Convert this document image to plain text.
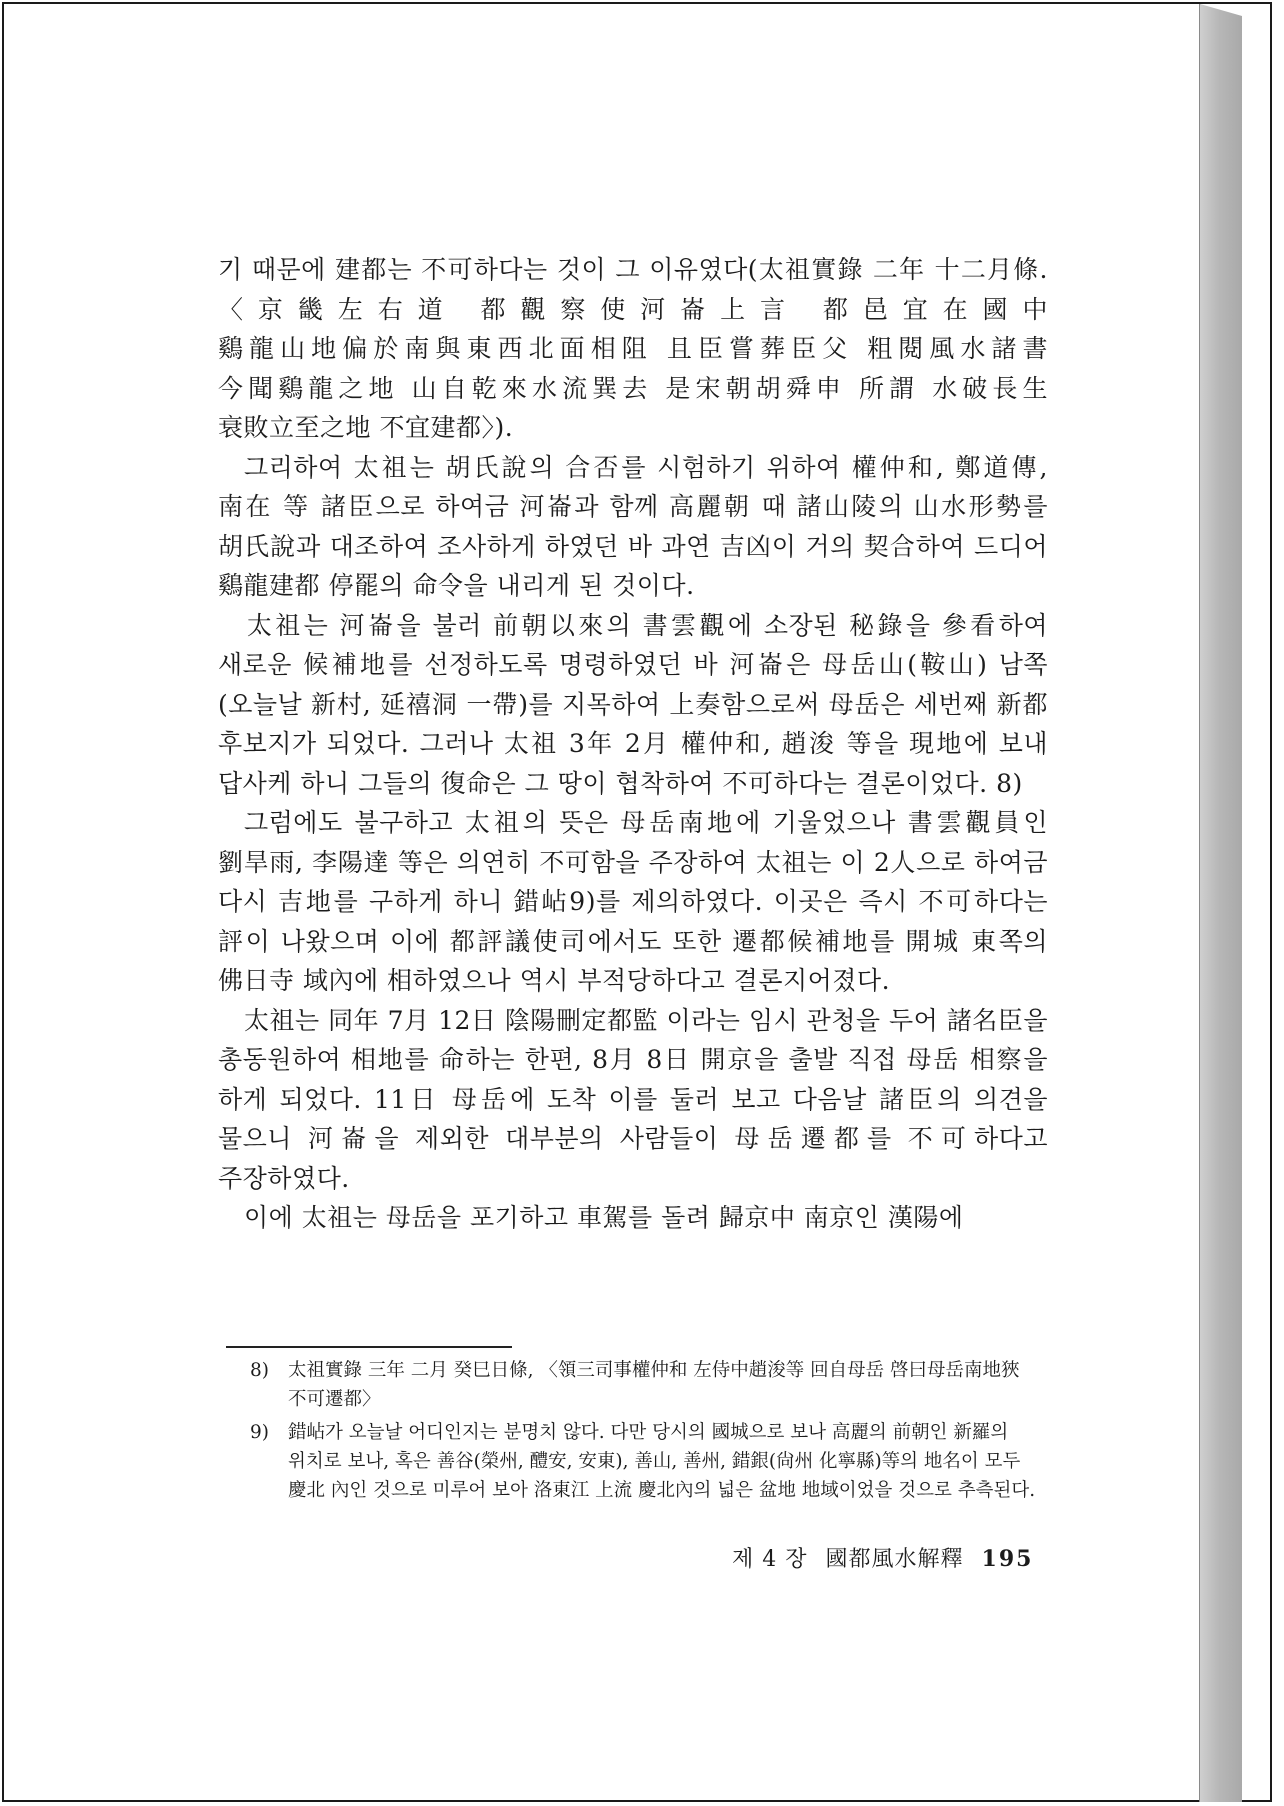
기 때문에 建都는 不可하다는 것이 그 이유였다(太祖實錄 二年 十二月條. 〈京畿左右道 都觀察使河崙上言 都邑宜在國中 鷄龍山地偏於南與東西北面相阻 且臣嘗葬臣父 粗閱風水諸書 今聞鷄龍之地 山自乾來水流巽去 是宋朝胡舜申 所謂 水破長生 衰敗立至之地 不宜建都〉).

그리하여 太祖는 胡氏說의 合否를 시험하기 위하여 權仲和, 鄭道傳, 南在 等 諸臣으로 하여금 河崙과 함께 高麗朝 때 諸山陵의 山水形勢를 胡氏說과 대조하여 조사하게 하였던 바 과연 吉凶이 거의 契合하여 드디어 鷄龍建都 停罷의 命令을 내리게 된 것이다.

太祖는 河崙을 불러 前朝以來의 書雲觀에 소장된 秘錄을 參看하여 새로운 候補地를 선정하도록 명령하였던 바 河崙은 母岳山(鞍山) 남쪽(오늘날 新村, 延禧洞 一帶)를 지목하여 上奏함으로써 母岳은 세번째 新都 후보지가 되었다. 그러나 太祖 3年 2月 權仲和, 趙浚 等을 現地에 보내 답사케 하니 그들의 復命은 그 땅이 협착하여 不可하다는 결론이었다. 8)

그럼에도 불구하고 太祖의 뜻은 母岳南地에 기울었으나 書雲觀員인 劉旱雨, 李陽達 等은 의연히 不可함을 주장하여 太祖는 이 2人으로 하여금 다시 吉地를 구하게 하니 錯岾9)를 제의하였다. 이곳은 즉시 不可하다는 評이 나왔으며 이에 都評議使司에서도 또한 遷都候補地를 開城 東쪽의 佛日寺 域內에 相하였으나 역시 부적당하다고 결론지어졌다.

太祖는 同年 7月 12日 陰陽刪定都監 이라는 임시 관청을 두어 諸名臣을 총동원하여 相地를 命하는 한편, 8月 8日 開京을 출발 직접 母岳 相察을 하게 되었다. 11日 母岳에 도착 이를 둘러 보고 다음날 諸臣의 의견을 물으니 河崙을 제외한 대부분의 사람들이 母岳遷都를 不可하다고 주장하였다.

이에 太祖는 母岳을 포기하고 車駕를 돌려 歸京中 南京인 漢陽에

8) 太祖實錄 三年 二月 癸巳日條, 〈領三司事權仲和 左侍中趙浚等 回自母岳 啓曰母岳南地狹 不可遷都〉

9) 錯岾가 오늘날 어디인지는 분명치 않다. 다만 당시의 國城으로 보나 高麗의 前朝인 新羅의 위치로 보나, 혹은 善谷(榮州, 醴安, 安東), 善山, 善州, 錯銀(尙州 化寧縣)等의 地名이 모두 慶北 內인 것으로 미루어 보아 洛東江 上流 慶北內의 넓은 盆地 地域이었을 것으로 추측된다.

제 4 장 國都風水解釋 195
